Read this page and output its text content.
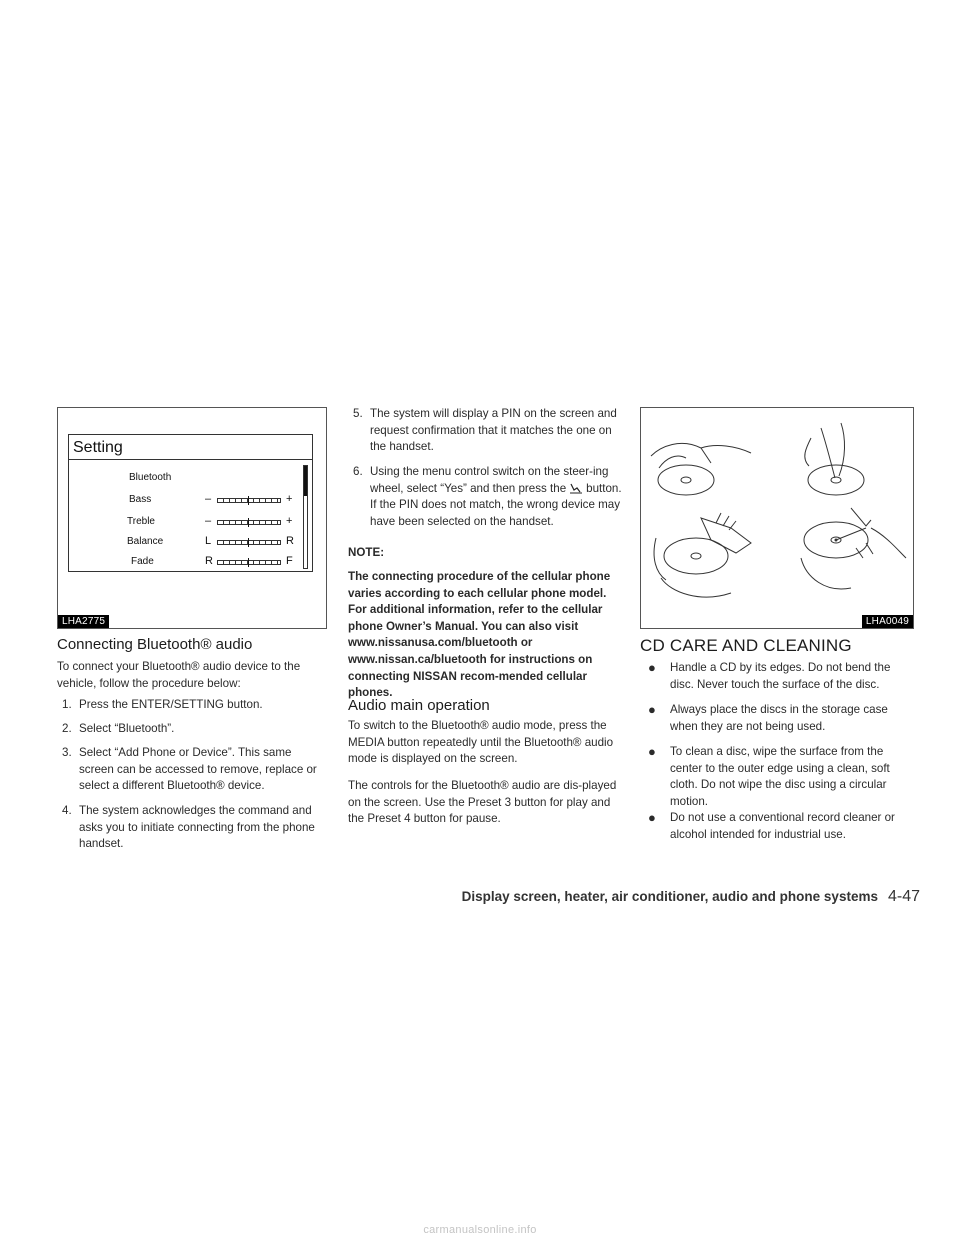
Setting
Bluetooth
Bass	–	+
Treble	–	+
Balance	L	R
Fade	R	F
LHA2775
Connecting Bluetooth® audio

To connect your Bluetooth® audio device to the vehicle, follow the procedure below:

1. Press the ENTER/SETTING button.
2. Select “Bluetooth”.
3. Select “Add Phone or Device”. This same screen can be accessed to remove, replace or select a different Bluetooth® device.
4. The system acknowledges the command and asks you to initiate connecting from the phone handset.
5. The system will display a PIN on the screen and request confirmation that it matches the one on the handset.
6. Using the menu control switch on the steer-ing wheel, select “Yes” and then press the button. If the PIN does not match, the wrong device may have been selected on the handset.
NOTE:

The connecting procedure of the cellular phone varies according to each cellular phone model. For additional information, refer to the cellular phone Owner’s Manual. You can also visit www.nissanusa.com/bluetooth or www.nissan.ca/bluetooth for instructions on connecting NISSAN recom-mended cellular phones.

Audio main operation

To switch to the Bluetooth® audio mode, press the MEDIA button repeatedly until the Bluetooth® audio mode is displayed on the screen.

The controls for the Bluetooth® audio are dis-played on the screen. Use the Preset 3 button for play and the Preset 4 button for pause.

LHA0049
CD CARE AND CLEANING
●	Handle a CD by its edges. Do not bend the disc. Never touch the surface of the disc.
●	Always place the discs in the storage case when they are not being used.
●	To clean a disc, wipe the surface from the center to the outer edge using a clean, soft cloth. Do not wipe the disc using a circular motion.
●	Do not use a conventional record cleaner or alcohol intended for industrial use.
Display screen, heater, air conditioner, audio and phone systems 4-47
carmanualsonline.info
